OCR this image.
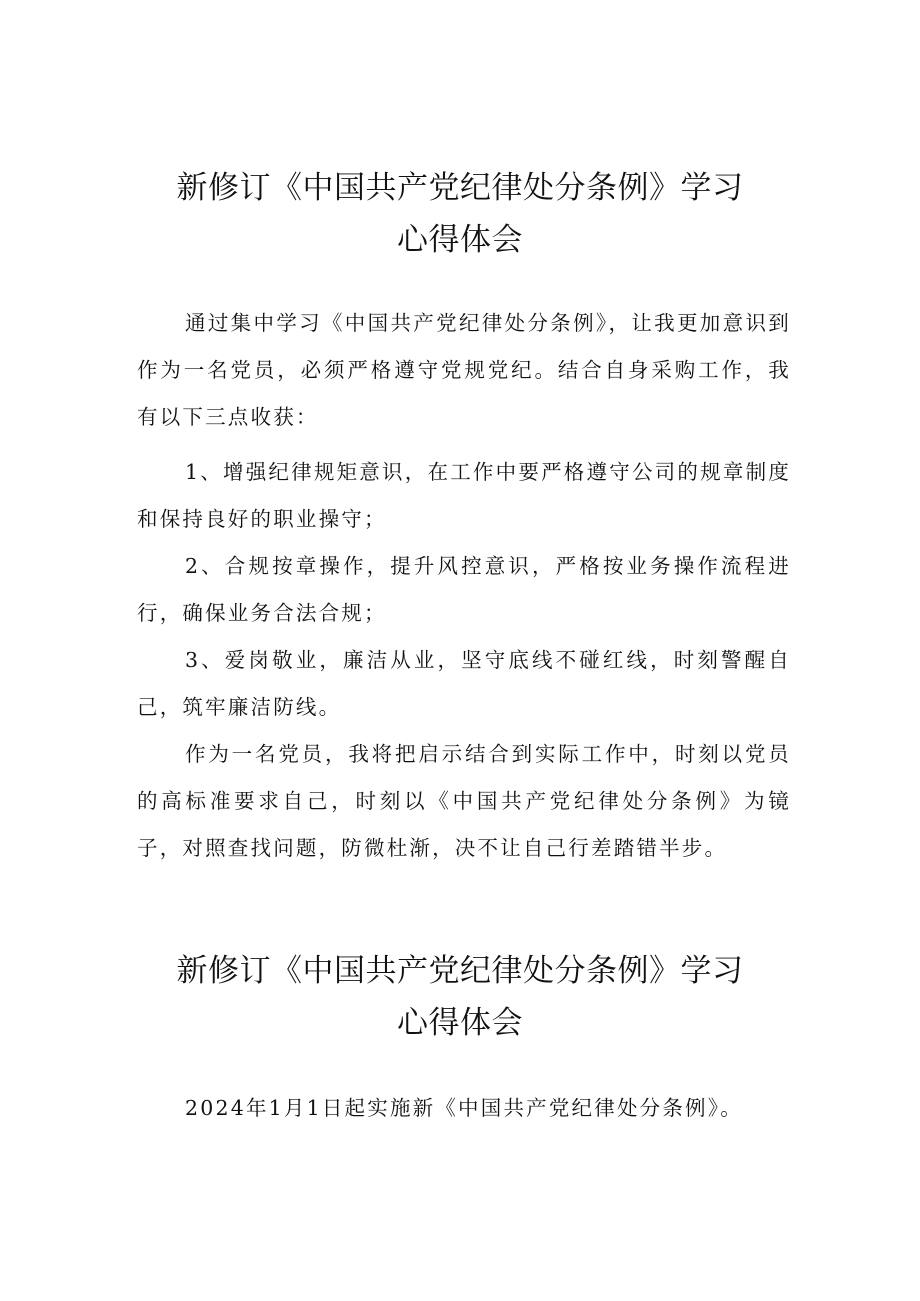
新修订《中国共产党纪律处分条例》学习
心得体会

通过集中学习《中国共产党纪律处分条例》，让我更加意识到作为一名党员，必须严格遵守党规党纪。结合自身采购工作，我有以下三点收获：

1、增强纪律规矩意识，在工作中要严格遵守公司的规章制度和保持良好的职业操守；

2、合规按章操作，提升风控意识，严格按业务操作流程进行，确保业务合法合规；

3、爱岗敬业，廉洁从业，坚守底线不碰红线，时刻警醒自己，筑牢廉洁防线。

作为一名党员，我将把启示结合到实际工作中，时刻以党员的高标准要求自己，时刻以《中国共产党纪律处分条例》为镜子，对照查找问题，防微杜渐，决不让自己行差踏错半步。

新修订《中国共产党纪律处分条例》学习
心得体会

2024年1月1日起实施新《中国共产党纪律处分条例》。
